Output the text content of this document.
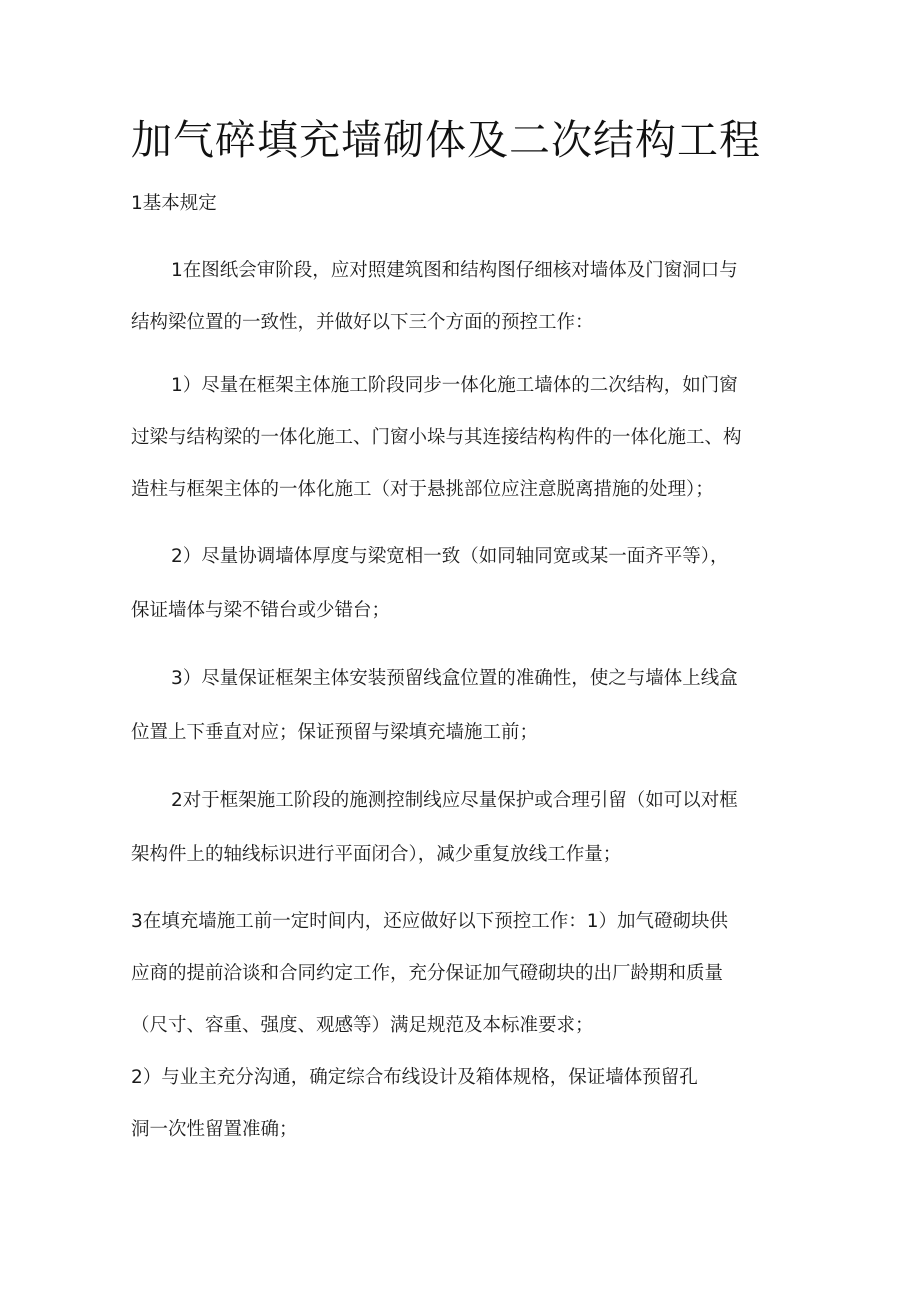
加气碎填充墙砌体及二次结构工程

1基本规定

1在图纸会审阶段，应对照建筑图和结构图仔细核对墙体及门窗洞口与
结构梁位置的一致性，并做好以下三个方面的预控工作：

1）尽量在框架主体施工阶段同步一体化施工墙体的二次结构，如门窗
过梁与结构梁的一体化施工、门窗小垛与其连接结构构件的一体化施工、构
造柱与框架主体的一体化施工（对于悬挑部位应注意脱离措施的处理）；

2）尽量协调墙体厚度与梁宽相一致（如同轴同宽或某一面齐平等），
保证墙体与梁不错台或少错台；

3）尽量保证框架主体安装预留线盒位置的准确性，使之与墙体上线盒
位置上下垂直对应；保证预留与梁填充墙施工前；

2对于框架施工阶段的施测控制线应尽量保护或合理引留（如可以对框
架构件上的轴线标识进行平面闭合），减少重复放线工作量；

3在填充墙施工前一定时间内，还应做好以下预控工作：1）加气磴砌块供
应商的提前洽谈和合同约定工作，充分保证加气磴砌块的出厂龄期和质量
（尺寸、容重、强度、观感等）满足规范及本标准要求；

2）与业主充分沟通，确定综合布线设计及箱体规格，保证墙体预留孔
洞一次性留置准确；
